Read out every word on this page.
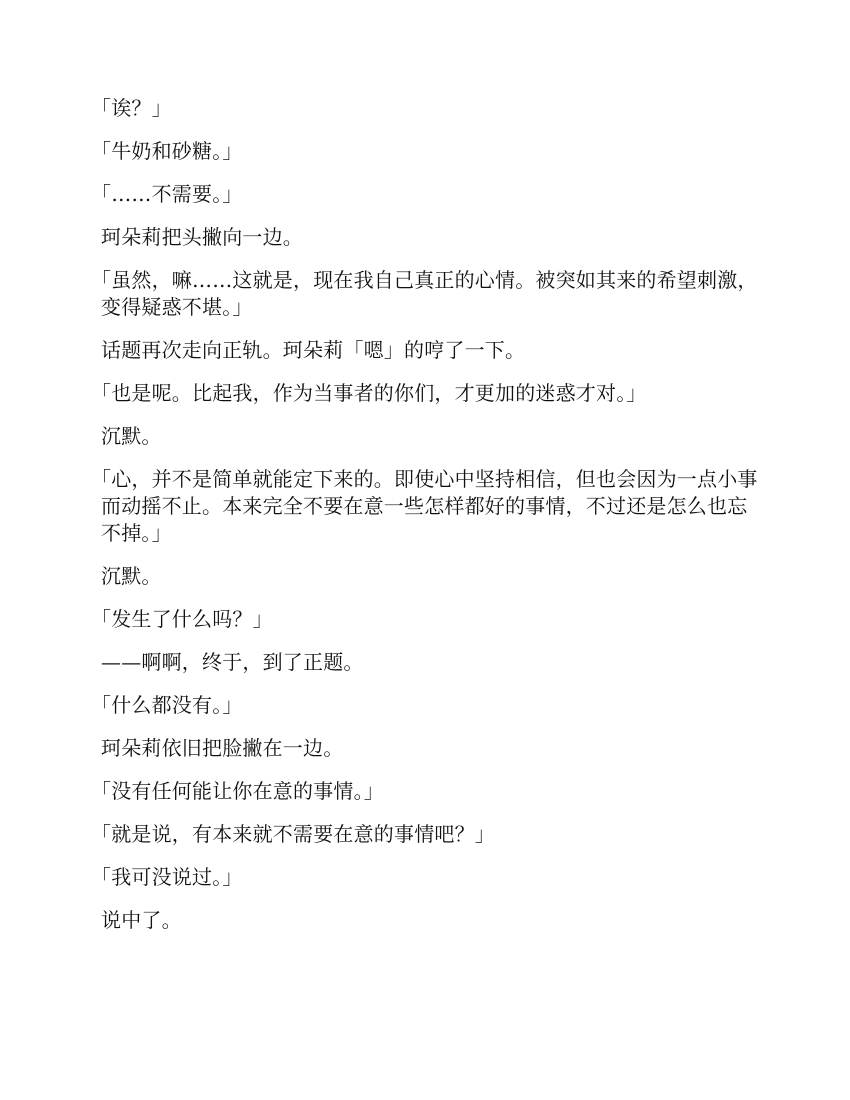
「诶？」

「牛奶和砂糖。」

「……不需要。」

珂朵莉把头撇向一边。

「虽然，嘛……这就是，现在我自己真正的心情。被突如其来的希望刺激，变得疑惑不堪。」

话题再次走向正轨。珂朵莉「嗯」的哼了一下。

「也是呢。比起我，作为当事者的你们，才更加的迷惑才对。」

沉默。

「心，并不是简单就能定下来的。即使心中坚持相信，但也会因为一点小事而动摇不止。本来完全不要在意一些怎样都好的事情，不过还是怎么也忘不掉。」

沉默。

「发生了什么吗？」

——啊啊，终于，到了正题。

「什么都没有。」

珂朵莉依旧把脸撇在一边。

「没有任何能让你在意的事情。」

「就是说，有本来就不需要在意的事情吧？」

「我可没说过。」

说中了。
